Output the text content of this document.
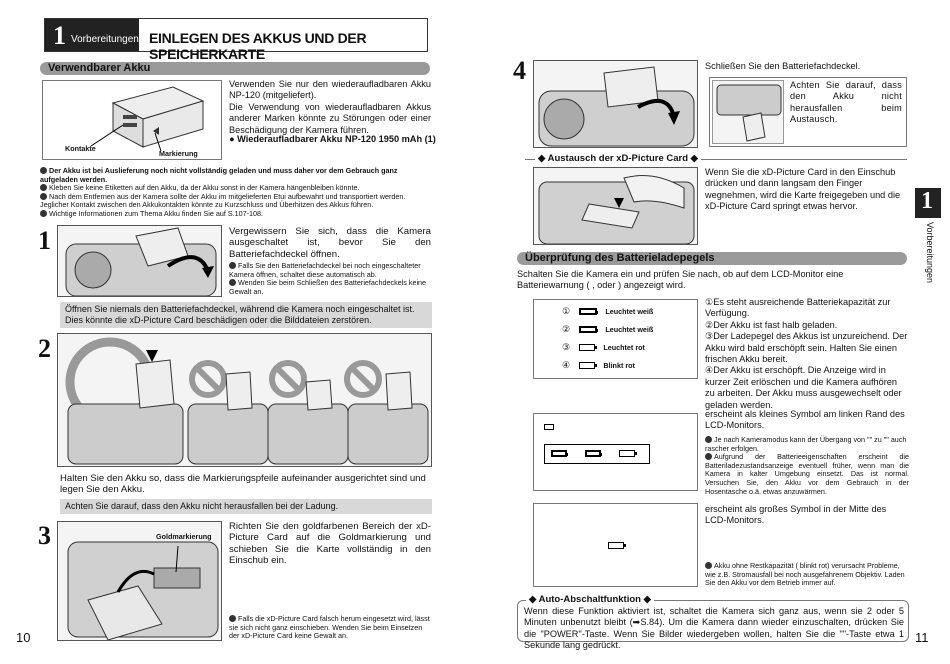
1 Vorbereitungen EINLEGEN DES AKKUS UND DER SPEICHERKARTE
Verwendbarer Akku
Kontakte
Markierung
Verwenden Sie nur den wiederaufladbaren Akku NP-120 (mitgeliefert).
Die Verwendung von wiederaufladbaren Akkus anderer Marken könnte zu Störungen oder einer Beschädigung der Kamera führen.
● Wiederaufladbarer Akku NP-120 1950 mAh (1)
Der Akku ist bei Auslieferung noch nicht vollständig geladen und muss daher vor dem Gebrauch ganz aufgeladen werden.
Kleben Sie keine Etiketten auf den Akku, da der Akku sonst in der Kamera hängenbleiben könnte.
Nach dem Entfernen aus der Kamera sollte der Akku im mitgelieferten Etui aufbewahrt und transportiert werden. Jeglicher Kontakt zwischen den Akkukontakten könnte zu Kurzschluss und Überhitzen des Akkus führen.
Wichtige Informationen zum Thema Akku finden Sie auf S.107-108.
1	Vergewissern Sie sich, dass die Kamera ausgeschaltet ist, bevor Sie den Batteriefachdeckel öffnen.
Falls Sie den Batteriefachdeckel bei noch eingeschalteter Kamera öffnen, schaltet diese automatisch ab.
Wenden Sie beim Schließen des Batteriefachdeckels keine Gewalt an.
Öffnen Sie niemals den Batteriefachdeckel, während die Kamera noch eingeschaltet ist. Dies könnte die xD-Picture Card beschädigen oder die Bilddateien zerstören.
2
Halten Sie den Akku so, dass die Markierungspfeile aufeinander ausgerichtet sind und legen Sie den Akku.
Achten Sie darauf, dass den Akku nicht herausfallen bei der Ladung.
3	Goldmarkierung
Richten Sie den goldfarbenen Bereich der xD-Picture Card auf die Goldmarkierung und schieben Sie die Karte vollständig in den Einschub ein.
Falls die xD-Picture Card falsch herum eingesetzt wird, lässt sie sich nicht ganz einschieben. Wenden Sie beim Einsetzen der xD-Picture Card keine Gewalt an.
10
4	Schließen Sie den Batteriefachdeckel.
Achten Sie darauf, dass den Akku nicht herausfallen beim Austausch.
◆ Austausch der xD-Picture Card ◆
Wenn Sie die xD-Picture Card in den Einschub drücken und dann langsam den Finger wegnehmen, wird die Karte freigegeben und die xD-Picture Card springt etwas hervor.	1
Vorbereitungen
Überprüfung des Batterieladepegels
Schalten Sie die Kamera ein und prüfen Sie nach, ob auf dem LCD-Monitor eine Batteriewarnung ( , oder ) angezeigt wird.
①	Leuchtet weiß
②	Leuchtet weiß
③	Leuchtet rot
④	Blinkt rot
①Es steht ausreichende Batteriekapazität zur Verfügung.
②Der Akku ist fast halb geladen.
③Der Ladepegel des Akkus ist unzureichend. Der Akku wird bald erschöpft sein. Halten Sie einen frischen Akku bereit.
④Der Akku ist erschöpft. Die Anzeige wird in kurzer Zeit erlöschen und die Kamera aufhören zu arbeiten. Der Akku muss ausgewechselt oder geladen werden.
erscheint als kleines Symbol am linken Rand des LCD-Monitors.
Je nach Kameramodus kann der Übergang von "" zu "" auch rascher erfolgen.
Aufgrund der Batterieeigenschaften erscheint die Batteriladezustandsanzeige eventuell früher, wenn man die Kamera in kalter Umgebung einsetzt. Das ist normal. Versuchen Sie, den Akku vor dem Gebrauch in der Hosentasche o.ä. etwas anzuwärmen.
erscheint als großes Symbol in der Mitte des LCD-Monitors.
Akku ohne Restkapazität ( blinkt rot) verursacht Probleme, wie z.B. Stromausfall bei noch ausgefahrenem Objektiv. Laden Sie den Akku vor dem Betrieb immer auf.
◆ Auto-Abschaltfunktion ◆
Wenn diese Funktion aktiviert ist, schaltet die Kamera sich ganz aus, wenn sie 2 oder 5 Minuten unbenutzt bleibt (➡S.84). Um die Kamera dann wieder einzuschalten, drücken Sie die "POWER"-Taste. Wenn Sie Bilder wiedergeben wollen, halten Sie die ""-Taste etwa 1 Sekunde lang gedrückt.
11
